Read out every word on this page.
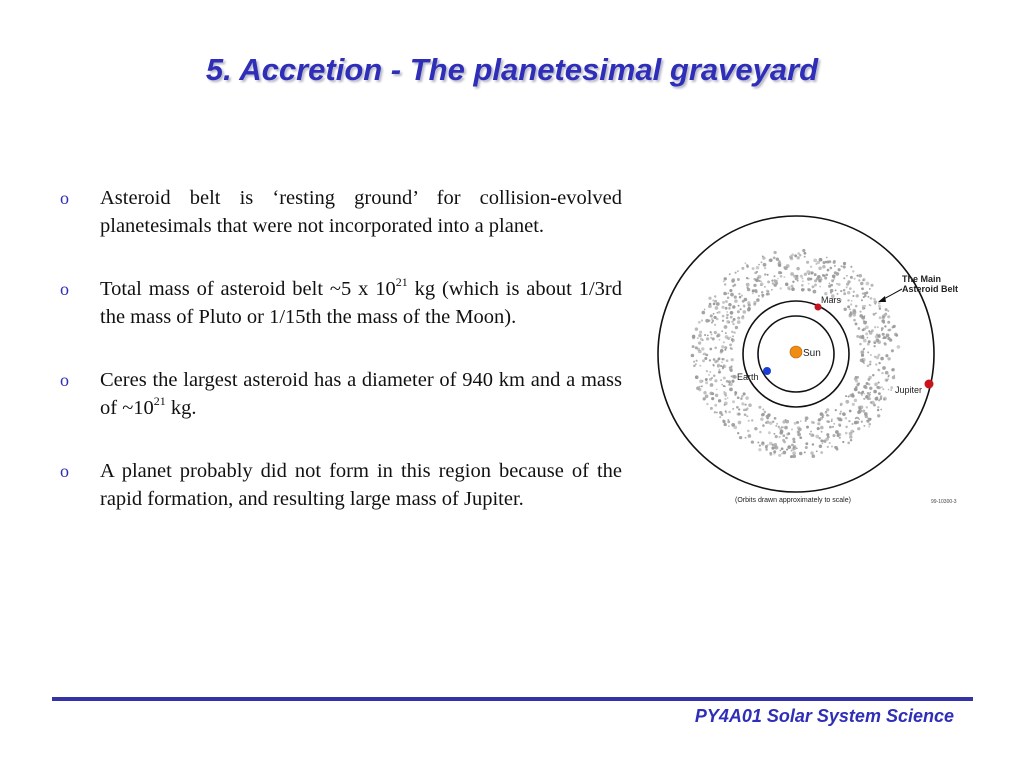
5. Accretion - The planetesimal graveyard
o Asteroid belt is ‘resting ground’ for collision-evolved planetesimals that were not incorporated into a planet.
o Total mass of asteroid belt ~5 x $10^{21}$ kg (which is about 1/3rd the mass of Pluto or 1/15th the mass of the Moon).
o Ceres the largest asteroid has a diameter of 940 km and a mass of $\sim 10^{21}$ kg.
o A planet probably did not form in this region because of the rapid formation, and resulting large mass of Jupiter.
Sun
Earth
Mars
Jupiter
The Main
Asteroid Belt
(Orbits drawn approximately to scale)	99-10300-3
PY4A01 Solar System Science
